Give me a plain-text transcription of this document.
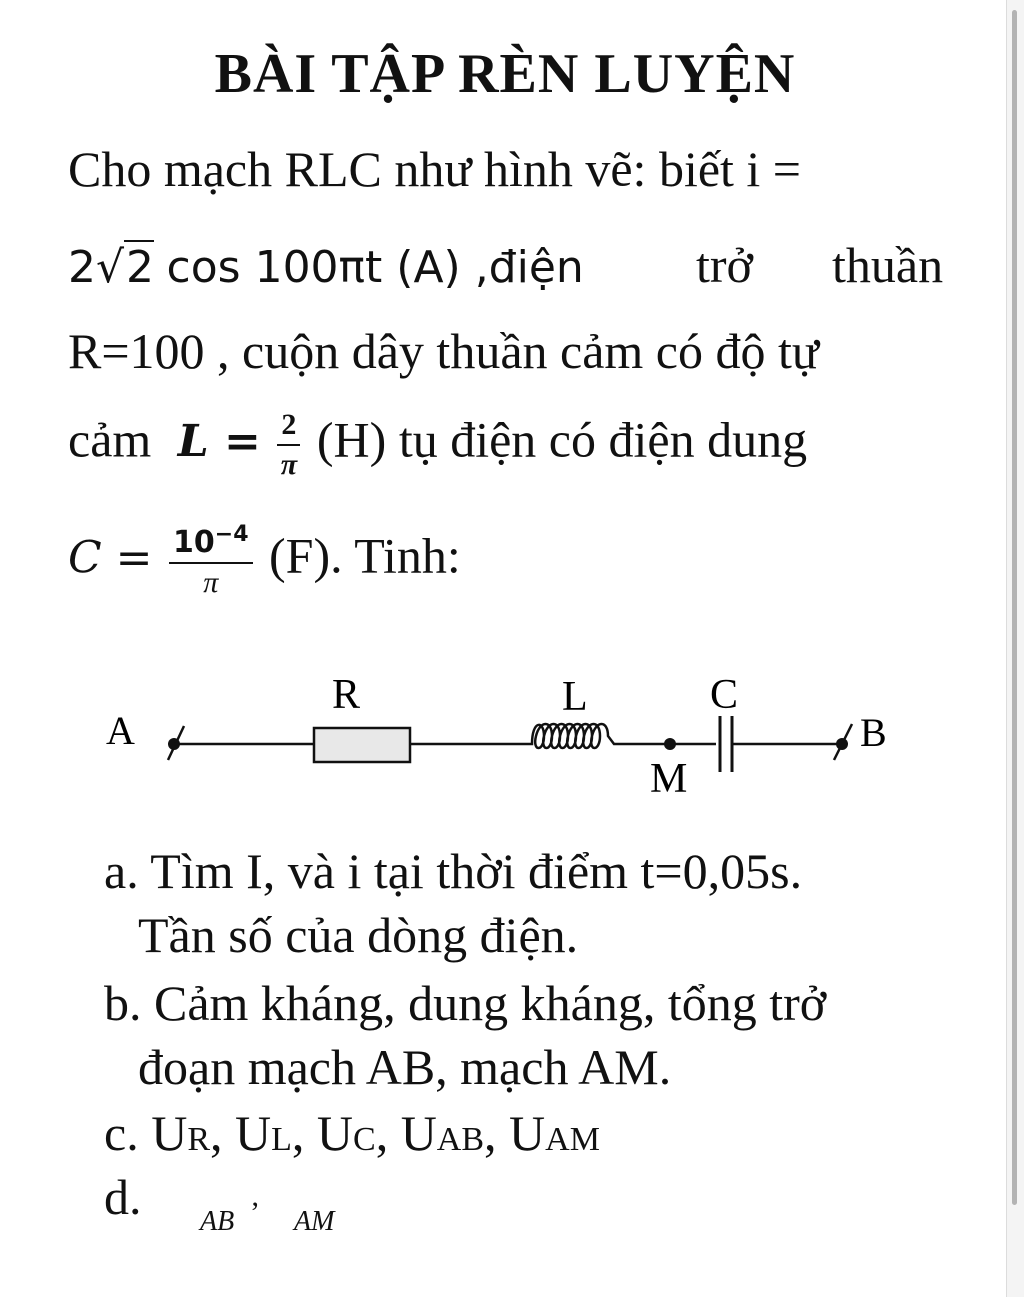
BÀI TẬP RÈN LUYỆN
Cho mạch RLC như hình vẽ: biết i =
2√2 cos 100πt (A) ,điện trở thuần
R=100 , cuộn dây thuần cảm có độ tự
cảm $L = \frac{2}{\pi} (H)$ tụ điện có điện dung
$C = \frac{10^{-4}}{\pi} (F)$. Tinh:
A
R	L	C
M
B
a. Tìm I, và i tại thời điểm t=0,05s.
Tần số của dòng điện.
b. Cảm kháng, dung kháng, tổng trở
đoạn mạch AB, mạch AM.
c. UR, UL, UC, UAB, UAM
d. AB ’ AM
